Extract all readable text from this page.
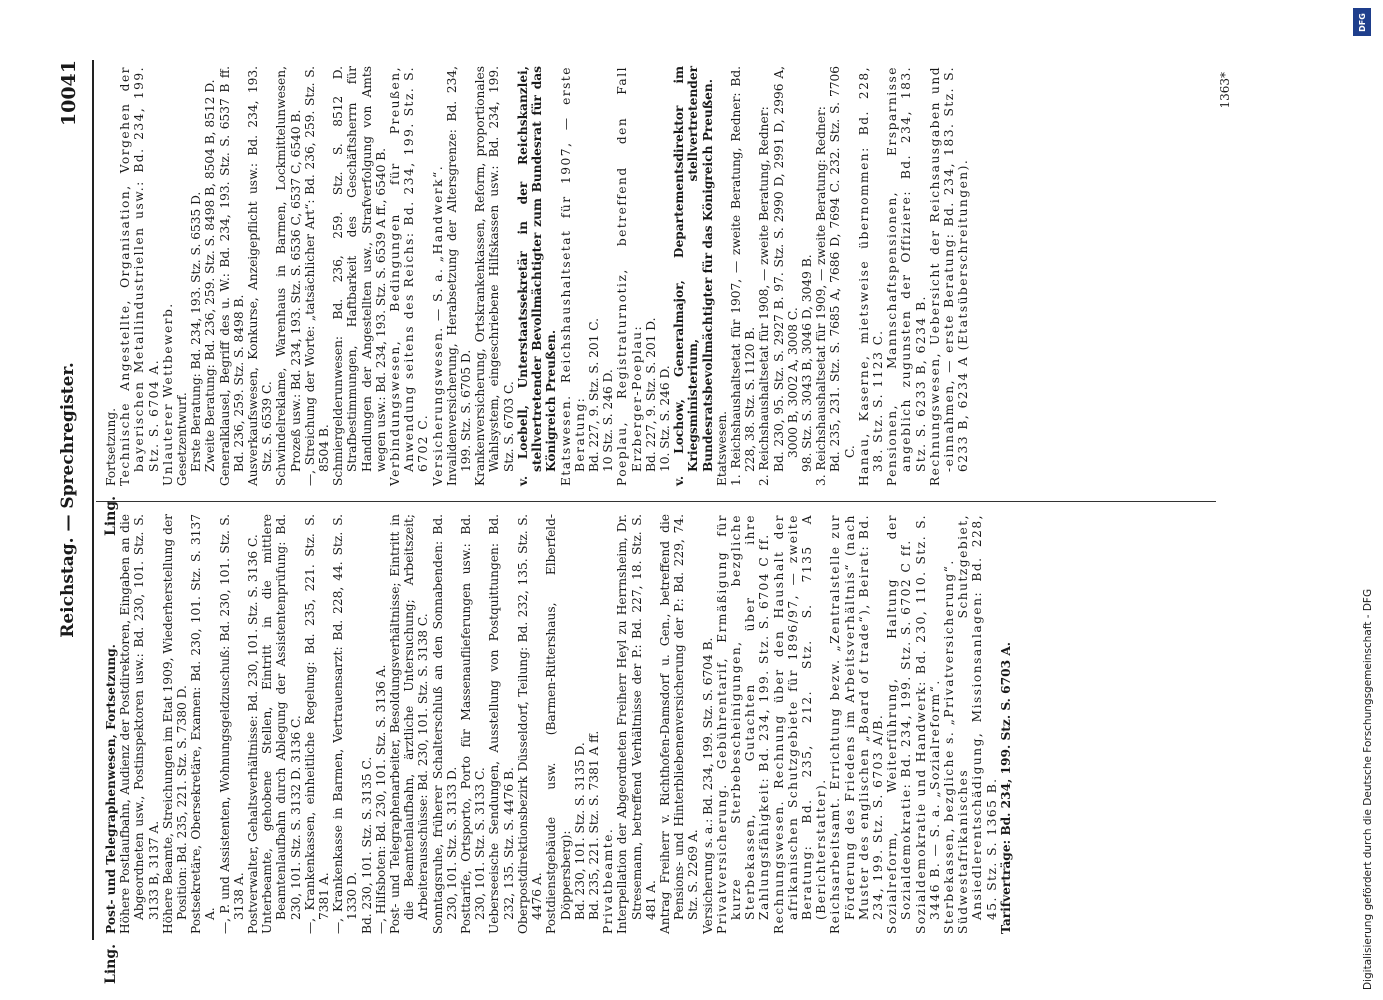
Reichstag. — Sprechregister.
10041
Ling.

Post- und Telegraphenwesen, Fortsetzung. Höhere Postlaufbahn, Audienz der Postdirektoren, Eingaben an die Abgeordneten usw., Postinspektoren usw.: Bd. 230, 101. Stz. S. 3133 B, 3137 A. Höhere Beamte, Streichungen im Etat 1909, Wiederherstellung der Position: Bd. 235, 221. Stz. S. 7380 D. Postsekretäre, Obersekretäre, Examen: Bd. 230, 101. Stz. S. 3137 A. —, P. und Assistenten, Wohnungsgeldzuschuß: Bd. 230, 101. Stz. S. 3138 A. Postverwalter, Gehaltsverhältnisse: Bd. 230, 101. Stz. S. 3136 C. Unterbeamte, gehobene Stellen, Eintritt in die mittlere Beamtenlaufbahn durch Ablegung der Assistentenprüfung: Bd. 230, 101. Stz. S. 3132 D. 3136 C. —, Krankenkassen, einheitliche Regelung: Bd. 235, 221. Stz. S. 7381 A. —, Krankenkasse in Barmen, Vertrauensarzt: Bd. 228, 44. Stz. S. 1330 D. Bd. 230, 101. Stz. S. 3135 C. —, Hilfsboten: Bd. 230, 101. Stz. S. 3136 A. Post- und Telegraphenarbeiter, Besoldungsverhältnisse; Eintritt in die Beamtenlaufbahn, ärztliche Untersuchung; Arbeitszeit; Arbeiterausschüsse: Bd. 230, 101. Stz. S. 3138 C. Sonntagsruhe, früherer Schalterschluß an den Sonnabenden: Bd. 230, 101. Stz. S. 3133 D. Posttarife, Ortsporto, Porto für Massenauflieferungen usw.: Bd. 230, 101. Stz. S. 3133 C. Ueberseeische Sendungen, Ausstellung von Postquittungen: Bd. 232, 135. Stz. S. 4476 B. Oberpostdirektionsbezirk Düsseldorf, Teilung: Bd. 232, 135. Stz. S. 4476 A. Postdienstgebäude usw. (Barmen-Rittershaus, Elberfeld-Döppersberg): Bd. 230, 101. Stz. S. 3135 D. Bd. 235, 221. Stz. S. 7381 A ff. Privatbeamte. Interpellation der Abgeordneten Freiherr Heyl zu Herrnsheim, Dr. Stresemann, betreffend Verhältnisse der P.: Bd. 227, 18. Stz. S. 481 A. Antrag Freiherr v. Richthofen-Damsdorf u. Gen., betreffend die Pensions- und Hinterbliebenenversicherung der P.: Bd. 229, 74. Stz. S. 2269 A. Versicherung s. a.: Bd. 234, 199. Stz. S. 6704 B. Privatversicherung. Gebührentarif, Ermäßigung für kurze Sterbebescheinigungen, bezgliche Sterbekassen, Gutachten über ihre Zahlungsfähigkeit: Bd. 234, 199. Stz. S. 6704 C ff. Rechnungswesen. Rechnung über den Haushalt der afrikanischen Schutzgebiete für 1896/97, — zweite Beratung: Bd. 235, 212. Stz. S. 7135 A (Berichterstatter). Reichsarbeitsamt. Errichtung bezw. „Zentralstelle zur Förderung des Friedens im Arbeitsverhältnis“ (nach Muster des englischen „Board of trade“), Beirat: Bd. 234, 199. Stz. S. 6703 A/B. Sozialreform, Weiterführung, Haltung der Sozialdemokratie: Bd. 234, 199. Stz. S. 6702 C ff. Sozialdemokratie und Handwerk: Bd. 230, 110. Stz. S. 3446 B. — S. a. „Sozialreform“. Sterbekassen, bezgliche s. „Privatversicherung“. Südwestafrikanisches Schutzgebiet, Ansiedlerentschädigung, Missionsanlagen: Bd. 228, 45. Stz. S. 1365 B. Tarifverträge: Bd. 234, 199. Stz. S. 6703 A.

Ling.

Fortsetzung. Technische Angestellte, Organisation, Vorgehen der bayerischen Metallindustriellen usw.: Bd. 234, 199. Stz. S. 6704 A. Unlauterer Wettbewerb. Gesetzentwurf. Erste Beratung: Bd. 234, 193. Stz. S. 6535 D. Zweite Beratung: Bd. 236, 259. Stz. S. 8498 B, 8504 B, 8512 D. Generalklausel, Begriff des u. W.: Bd. 234, 193. Stz. S. 6537 B ff. Bd. 236, 259. Stz. S. 8498 B. Ausverkaufswesen, Konkurse, Anzeigepflicht usw.: Bd. 234, 193. Stz. S. 6539 C. Schwindelreklame, Warenhaus in Barmen, Lockmittelunwesen, Prozeß usw.: Bd. 234, 193. Stz. S. 6536 C, 6537 C, 6540 B. —, Streichung der Worte: „tatsächlicher Art“: Bd. 236, 259. Stz. S. 8504 B. Schmiergelderunwesen: Bd. 236, 259. Stz. S. 8512 D. Strafbestimmungen, Haftbarkeit des Geschäftsherrn für Handlungen der Angestellten usw., Strafverfolgung von Amts wegen usw.: Bd. 234, 193. Stz. S. 6539 A ff., 6540 B. Verbindungswesen, Bedingungen für Preußen, Anwendung seitens des Reichs: Bd. 234, 199. Stz. S. 6702 C. Versicherungswesen. — S. a. „Handwerk“. Invalidenversicherung, Herabsetzung der Altersgrenze: Bd. 234, 199. Stz. S. 6705 D. Krankenversicherung, Ortskrankenkassen, Reform, proportionales Wahlsystem, eingeschriebene Hilfskassen usw.: Bd. 234, 199. Stz. S. 6703 C. v. Loebell, Unterstaatssekretär in der Reichskanzlei, stellvertretender Bevollmächtigter zum Bundesrat für das Königreich Preußen. Etatswesen. Reichshaushaltsetat für 1907, — erste Beratung: Bd. 227, 9. Stz. S. 201 C. 10 Stz. S. 246 D. Poeplau, Registraturnotiz, betreffend den Fall Erzberger-Poeplau: Bd. 227, 9. Stz. S. 201 D. 10. Stz. S. 246 D. v. Lochow, Generalmajor, Departementsdirektor im Kriegsministerium, stellvertretender Bundesratsbevollmächtigter für das Königreich Preußen. Etatswesen. 1. Reichshaushaltsetat für 1907, — zweite Beratung, Redner: Bd. 228, 38. Stz. S. 1120 B. 2. Reichshaushaltsetat für 1908, — zweite Beratung, Redner: Bd. 230, 95. Stz. S. 2927 B. 97. Stz. S. 2990 D, 2991 D, 2996 A, 3000 B, 3002 A, 3008 C. 98. Stz. S. 3043 B, 3046 D, 3049 B. 3. Reichshaushaltsetat für 1909, — zweite Beratung: Redner: Bd. 235, 231. Stz. S. 7685 A, 7686 D, 7694 C. 232. Stz. S. 7706 C. Hanau, Kaserne, mietsweise übernommen: Bd. 228, 38. Stz. S. 1123 C. Pensionen, Mannschaftspensionen, Ersparnisse angeblich zugunsten der Offiziere: Bd. 234, 183. Stz. S. 6233 B, 6234 B. Rechnungswesen, Uebersicht der Reichsausgaben und -einnahmen, — erste Beratung: Bd. 234, 183. Stz. S. 6233 B, 6234 A (Etatsüberschreitungen).

1363*
DFG
Digitalisierung gefördert durch die Deutsche Forschungsgemeinschaft - DFG
